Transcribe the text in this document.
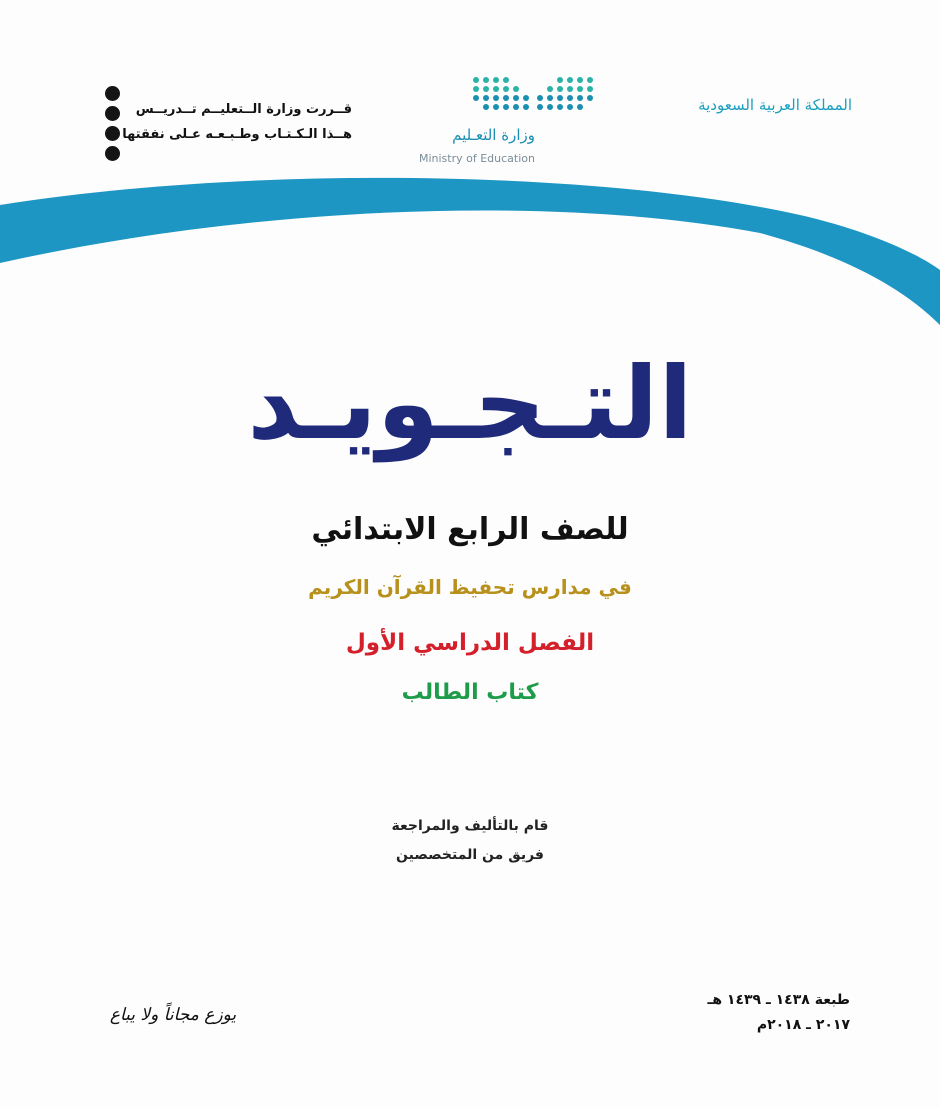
المملكة العربية السعودية
وزارة التعـليم
Ministry of Education
قــررت وزارة الــتعليــم تــدريــس
هــذا الـكـتـاب وطـبـعـه عـلى نفقتها
التـجـويـد
للصف الرابع الابتدائي
في مدارس تحفيظ القرآن الكريم
الفصل الدراسي الأول
كتاب الطالب
قام بالتأليف والمراجعة
فريق من المتخصصين
طبعة ١٤٣٨ ـ ١٤٣٩ هـ
٢٠١٧ ـ ٢٠١٨م
يوزع مجاناً ولا يباع
